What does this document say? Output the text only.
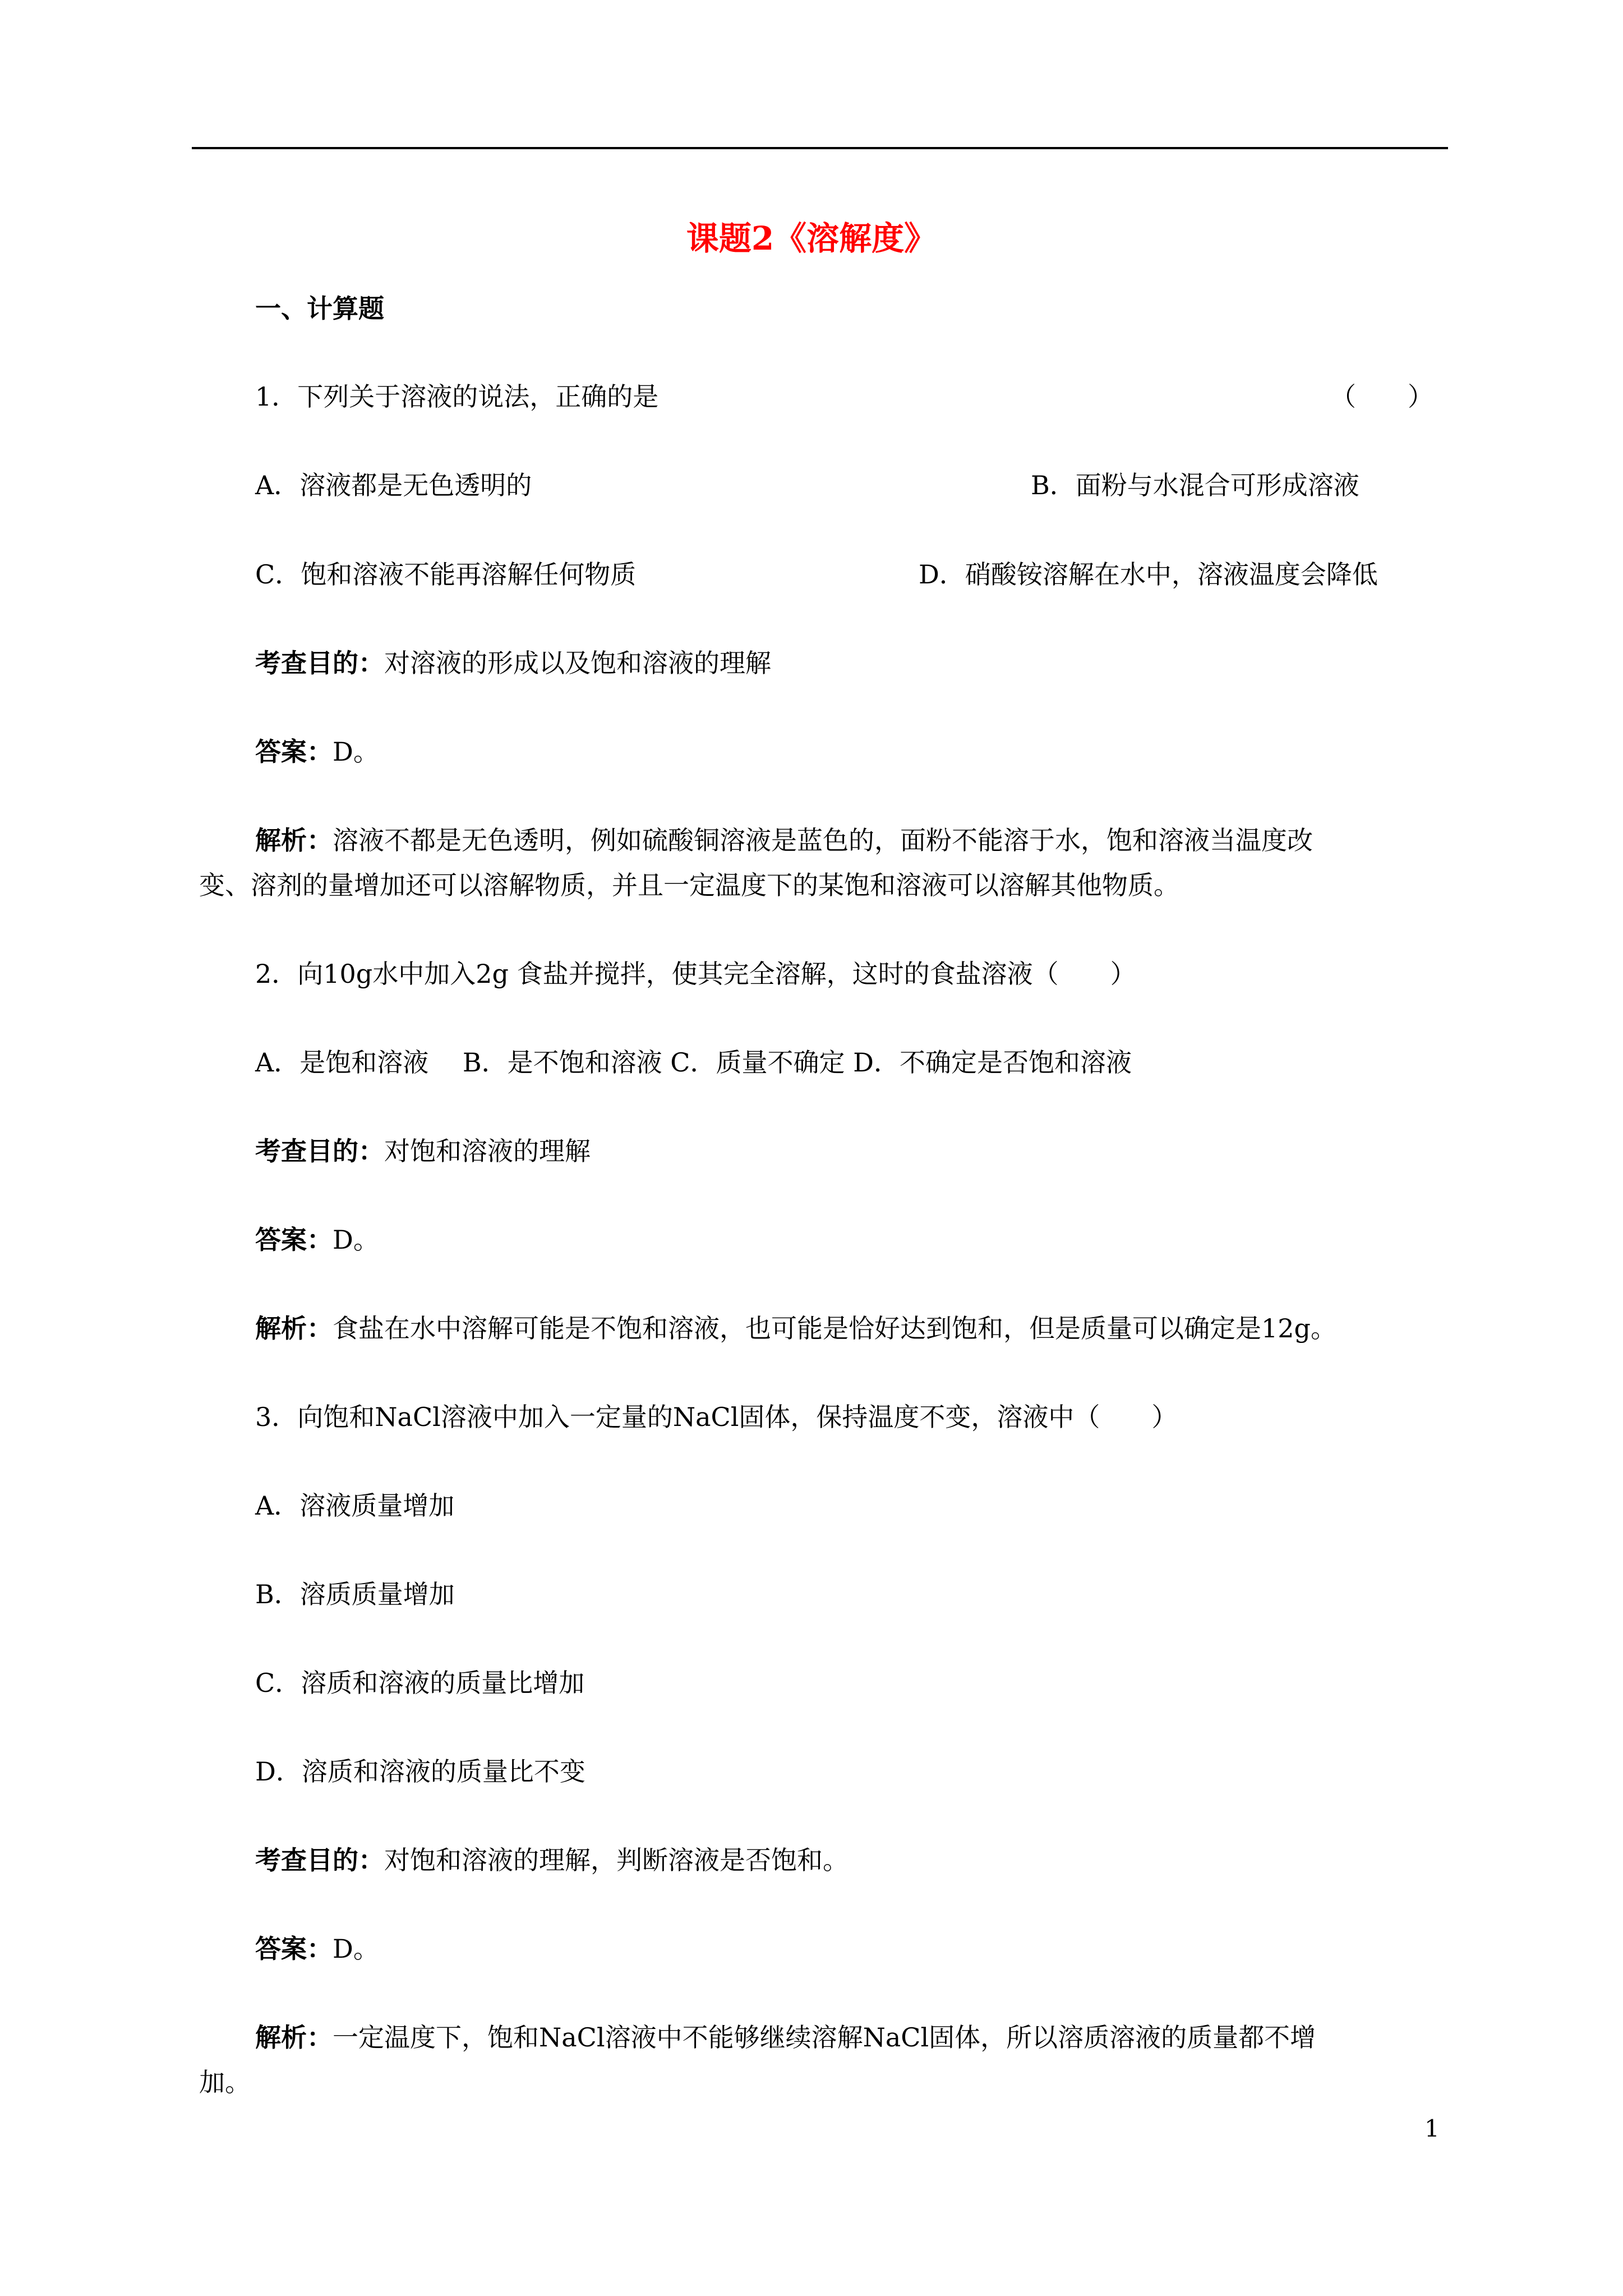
课题2《溶解度》
一、计算题
1．下列关于溶液的说法，正确的是	（　　）
A．溶液都是无色透明的	B．面粉与水混合可形成溶液
C．饱和溶液不能再溶解任何物质	D．硝酸铵溶解在水中，溶液温度会降低
考查目的：对溶液的形成以及饱和溶液的理解
答案：D。
解析：溶液不都是无色透明，例如硫酸铜溶液是蓝色的，面粉不能溶于水，饱和溶液当温度改
变、溶剂的量增加还可以溶解物质，并且一定温度下的某饱和溶液可以溶解其他物质。
2．向10g水中加入2g 食盐并搅拌，使其完全溶解，这时的食盐溶液（　　）
A．是饱和溶液　 B．是不饱和溶液 C．质量不确定 D．不确定是否饱和溶液
考查目的：对饱和溶液的理解
答案：D。
解析：食盐在水中溶解可能是不饱和溶液，也可能是恰好达到饱和，但是质量可以确定是12g。
3．向饱和NaCl溶液中加入一定量的NaCl固体，保持温度不变，溶液中（　　）
A．溶液质量增加
B．溶质质量增加
C．溶质和溶液的质量比增加
D．溶质和溶液的质量比不变
考查目的：对饱和溶液的理解，判断溶液是否饱和。
答案：D。
解析：一定温度下，饱和NaCl溶液中不能够继续溶解NaCl固体，所以溶质溶液的质量都不增
加。
1
